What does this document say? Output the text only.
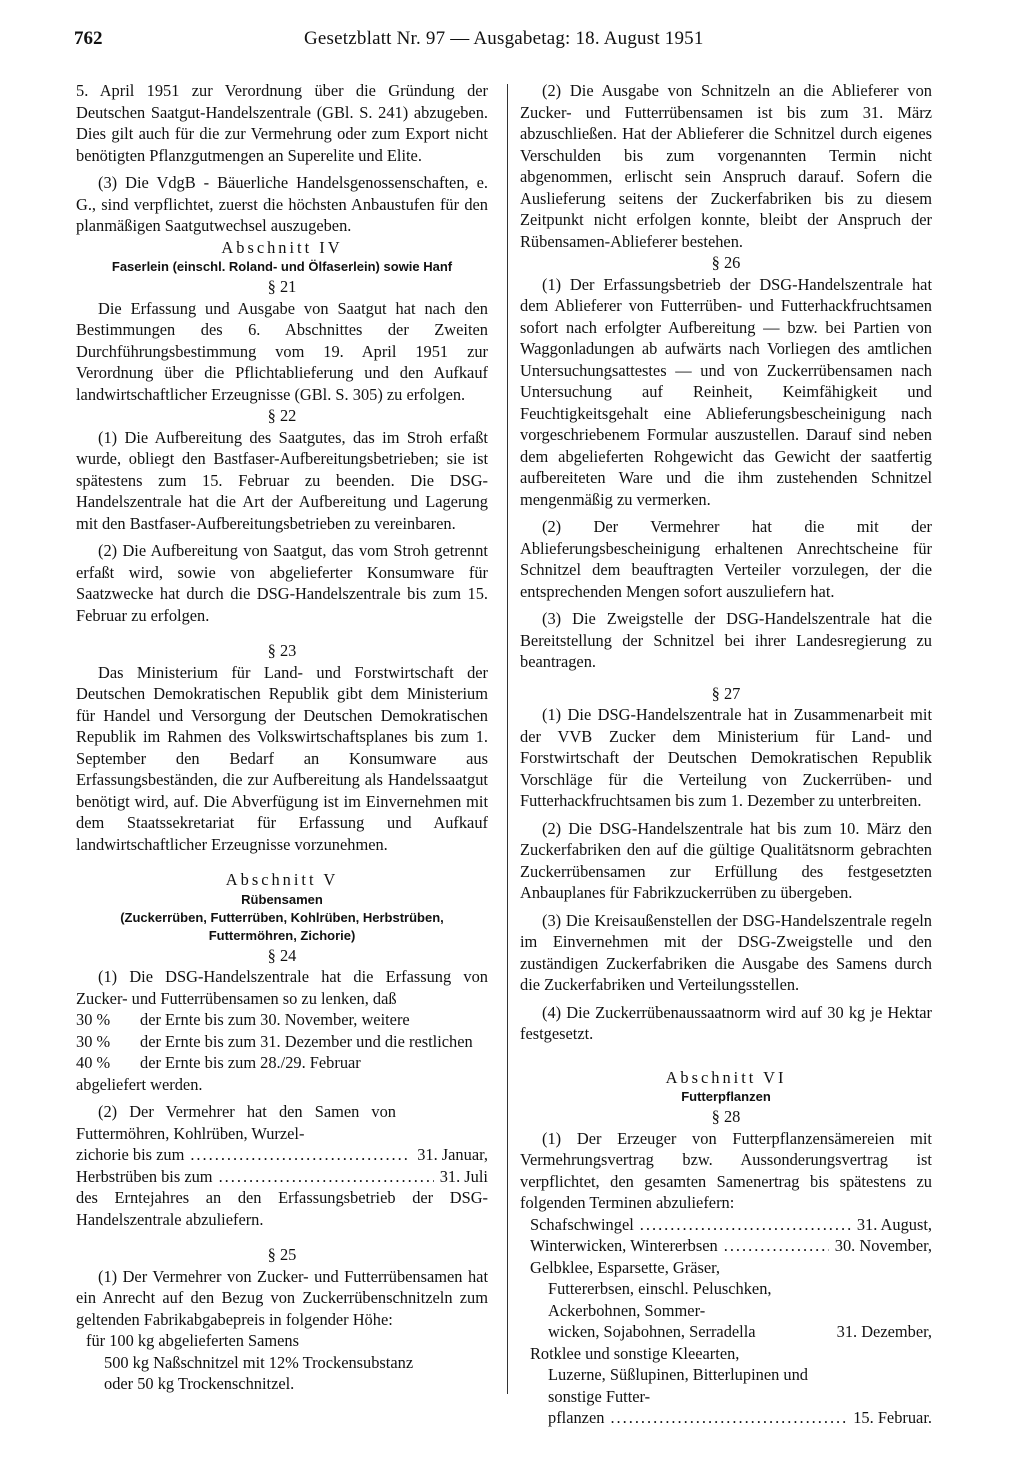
762	Gesetzblatt Nr. 97 — Ausgabetag: 18. August 1951

5. April 1951 zur Verordnung über die Gründung der Deutschen Saatgut-Handelszentrale (GBl. S. 241) abzugeben. Dies gilt auch für die zur Vermehrung oder zum Export nicht benötigten Pflanzgutmengen an Superelite und Elite.

(3) Die VdgB - Bäuerliche Handelsgenossenschaften, e. G., sind verpflichtet, zuerst die höchsten Anbaustufen für den planmäßigen Saatgutwechsel auszugeben.

Abschnitt IV
Faserlein (einschl. Roland- und Ölfaserlein) sowie Hanf
§ 21

Die Erfassung und Ausgabe von Saatgut hat nach den Bestimmungen des 6. Abschnittes der Zweiten Durchführungsbestimmung vom 19. April 1951 zur Verordnung über die Pflichtablieferung und den Aufkauf landwirtschaftlicher Erzeugnisse (GBl. S. 305) zu erfolgen.

§ 22

(1) Die Aufbereitung des Saatgutes, das im Stroh erfaßt wurde, obliegt den Bastfaser-Aufbereitungsbetrieben; sie ist spätestens zum 15. Februar zu beenden. Die DSG-Handelszentrale hat die Art der Aufbereitung und Lagerung mit den Bastfaser-Aufbereitungsbetrieben zu vereinbaren.

(2) Die Aufbereitung von Saatgut, das vom Stroh getrennt erfaßt wird, sowie von abgelieferter Konsumware für Saatzwecke hat durch die DSG-Handelszentrale bis zum 15. Februar zu erfolgen.

§ 23

Das Ministerium für Land- und Forstwirtschaft der Deutschen Demokratischen Republik gibt dem Ministerium für Handel und Versorgung der Deutschen Demokratischen Republik im Rahmen des Volkswirtschaftsplanes bis zum 1. September den Bedarf an Konsumware aus Erfassungsbeständen, die zur Aufbereitung als Handelssaatgut benötigt wird, auf. Die Abverfügung ist im Einvernehmen mit dem Staatssekretariat für Erfassung und Aufkauf landwirtschaftlicher Erzeugnisse vorzunehmen.

Abschnitt V
Rübensamen
(Zuckerrüben, Futterrüben, Kohlrüben, Herbstrüben, Futtermöhren, Zichorie)
§ 24

(1) Die DSG-Handelszentrale hat die Erfassung von Zucker- und Futterrübensamen so zu lenken, daß

30 %	der Ernte bis zum 30. November, weitere
30 %	der Ernte bis zum 31. Dezember und die restlichen
40 %	der Ernte bis zum 28./29. Februar

abgeliefert werden.

(2) Der Vermehrer hat den Samen von Futtermöhren, Kohlrüben, Wurzel-

zichorie bis zum .....	31. Januar,
Herbstrüben bis zum .....	31. Juli

des Erntejahres an den Erfassungsbetrieb der DSG-Handelszentrale abzuliefern.

§ 25

(1) Der Vermehrer von Zucker- und Futterrübensamen hat ein Anrecht auf den Bezug von Zuckerrübenschnitzeln zum geltenden Fabrikabgabepreis in folgender Höhe:

für 100 kg abgelieferten Samens
500 kg Naßschnitzel mit 12% Trockensubstanz
oder 50 kg Trockenschnitzel.

(2) Die Ausgabe von Schnitzeln an die Ablieferer von Zucker- und Futterrübensamen ist bis zum 31. März abzuschließen. Hat der Ablieferer die Schnitzel durch eigenes Verschulden bis zum vorgenannten Termin nicht abgenommen, erlischt sein Anspruch darauf. Sofern die Auslieferung seitens der Zuckerfabriken bis zu diesem Zeitpunkt nicht erfolgen konnte, bleibt der Anspruch der Rübensamen-Ablieferer bestehen.

§ 26

(1) Der Erfassungsbetrieb der DSG-Handelszentrale hat dem Ablieferer von Futterrüben- und Futterhackfruchtsamen sofort nach erfolgter Aufbereitung — bzw. bei Partien von Waggonladungen ab aufwärts nach Vorliegen des amtlichen Untersuchungsattestes — und von Zuckerrübensamen nach Untersuchung auf Reinheit, Keimfähigkeit und Feuchtigkeitsgehalt eine Ablieferungsbescheinigung nach vorgeschriebenem Formular auszustellen. Darauf sind neben dem abgelieferten Rohgewicht das Gewicht der saatfertig aufbereiteten Ware und die ihm zustehenden Schnitzel mengenmäßig zu vermerken.

(2) Der Vermehrer hat die mit der Ablieferungsbescheinigung erhaltenen Anrechtscheine für Schnitzel dem beauftragten Verteiler vorzulegen, der die entsprechenden Mengen sofort auszuliefern hat.

(3) Die Zweigstelle der DSG-Handelszentrale hat die Bereitstellung der Schnitzel bei ihrer Landesregierung zu beantragen.

§ 27

(1) Die DSG-Handelszentrale hat in Zusammenarbeit mit der VVB Zucker dem Ministerium für Land- und Forstwirtschaft der Deutschen Demokratischen Republik Vorschläge für die Verteilung von Zuckerrüben- und Futterhackfruchtsamen bis zum 1. Dezember zu unterbreiten.

(2) Die DSG-Handelszentrale hat bis zum 10. März den Zuckerfabriken den auf die gültige Qualitätsnorm gebrachten Zuckerrübensamen zur Erfüllung des festgesetzten Anbauplanes für Fabrikzuckerrüben zu übergeben.

(3) Die Kreisaußenstellen der DSG-Handelszentrale regeln im Einvernehmen mit der DSG-Zweigstelle und den zuständigen Zuckerfabriken die Ausgabe des Samens durch die Zuckerfabriken und Verteilungsstellen.

(4) Die Zuckerrübenaussaatnorm wird auf 30 kg je Hektar festgesetzt.

Abschnitt VI
Futterpflanzen
§ 28

(1) Der Erzeuger von Futterpflanzensämereien mit Vermehrungsvertrag bzw. Aussonderungsvertrag ist verpflichtet, den gesamten Samenertrag bis spätestens zu folgenden Terminen abzuliefern:

Schafschwingel .....	31. August,
Winterwicken, Wintererbsen .....	30. November,
Gelbklee, Esparsette, Gräser,
Futtererbsen, einschl. Peluschken, Ackerbohnen, Sommer-
wicken, Sojabohnen, Serradella	31. Dezember,
Rotklee und sonstige Kleearten,
Luzerne, Süßlupinen, Bitterlupinen und sonstige Futter-
pflanzen .....	15. Februar.
